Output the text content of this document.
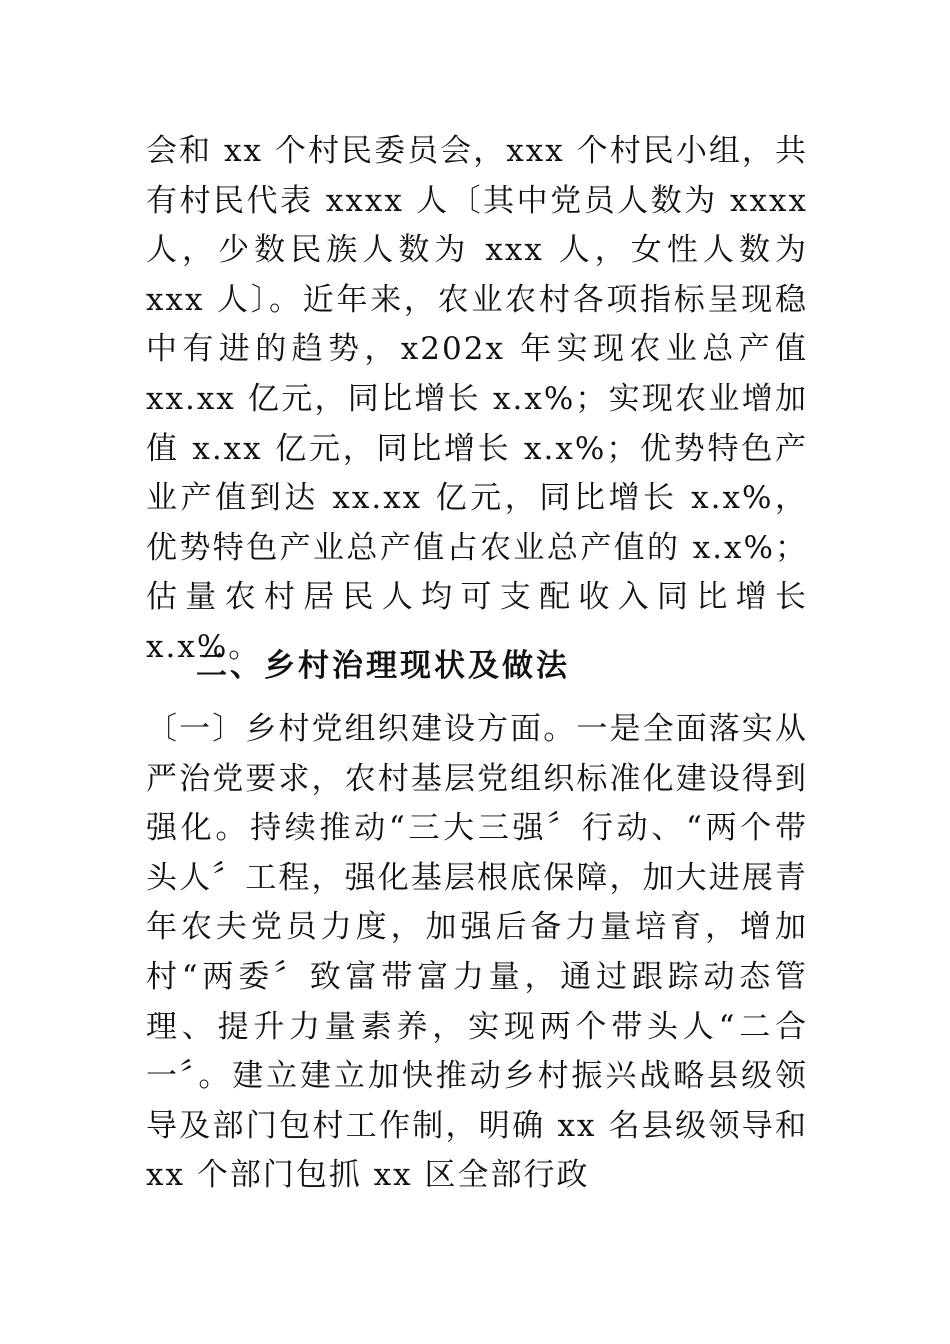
会和 xx 个村民委员会，xxx 个村民小组，共有村民代表 xxxx 人〔其中党员人数为 xxxx 人，少数民族人数为 xxx 人，女性人数为 xxx 人〕。近年来，农业农村各项指标呈现稳中有进的趋势，x202x 年实现农业总产值 xx.xx 亿元，同比增长 x.x%；实现农业增加值 x.xx 亿元，同比增长 x.x%；优势特色产业产值到达 xx.xx 亿元，同比增长 x.x%，优势特色产业总产值占农业总产值的 x.x%；估量农村居民人均可支配收入同比增长 x.x%。

二、乡村治理现状及做法

〔一〕乡村党组织建设方面。一是全面落实从严治党要求，农村基层党组织标准化建设得到强化。持续推动“三大三强〞行动、“两个带头人〞工程，强化基层根底保障，加大进展青年农夫党员力度，加强后备力量培育，增加村“两委〞致富带富力量，通过跟踪动态管理、提升力量素养，实现两个带头人“二合一〞。建立建立加快推动乡村振兴战略县级领导及部门包村工作制，明确 xx 名县级领导和 xx 个部门包抓 xx 区全部行政
